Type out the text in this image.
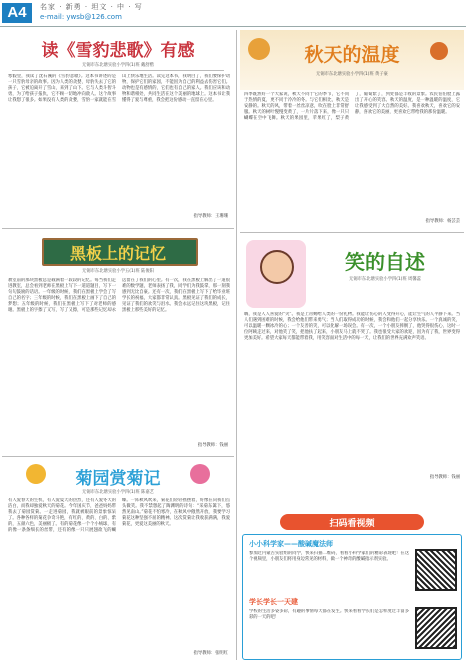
A4	名家 · 新勇 · 坦文 · 中 · 写
e-mail: ywsb@126.com
读《雪豹悲歌》有感
无锡市东北塘实验小学四(1)班 戴舒楷
寒假里，我读了沈石溪的《雪豹悲歌》。这本书讲述的是一只雪豹母亲的故事。因为人类的贪婪，母豹失去了它的孩子，它被迫离开了雪山，来到了山下。它与人类斗智斗勇，为了给孩子报仇，它不顾一切地冲向敌人。这个故事让我想了很多。如果没有人类的贪婪，雪豹一家就能在雪山上快乐地生活。读完这本书，我明白了，我们要保护动物，保护它们的家园，不能因为自己的利益去伤害它们。动物也是有感情的，它们也有自己的家人。我们应该和动物和谐相处，共同生活在这个美丽的地球上。这本书让我懂得了爱与尊重，我会把这份感动一直留在心里。
指导教师：王珊珊
秋天的温度
无锡市东北塘实验小学四(1)班 黄子豪
四季既然好一个大家说，秋天不同于它的季节，它不同于热情的夏，更不同于冷冷的冬。与它们相比，秋天是安静的。秋天的风，带着一丝丝凉意，吹在脸上非常舒服。秋天的树叶慢慢变黄了，一片片落下来，像一只只蝴蝶在空中飞舞。秋天的果园里，苹果红了，梨子黄了，葡萄紫了，到处都是丰收的景象。农民伯伯脸上露出了开心的笑容。秋天的温度，是一种温暖的温度，它让我感受到了大自然的美好。我喜欢秋天，喜欢它的安静，喜欢它的美丽，更喜欢它带给我的那份温暖。
指导教师：杨芸芸
黑板上的记忆
无锡市东北塘实验小学五(1)班 陆俊阳
教室前的那块黑板总是载满着一段段的记忆。每当我们走进教室，总会看到老师在黑板上写下一道道题目，写下一句句鼓励的话语。一年级的时候，我们在黑板上学会了写自己的名字；三年级的时候，我们在黑板上画下了自己的梦想；五年级的时候，我们在黑板上写下了对老师的感谢。黑板上的字擦了又写，写了又擦，可是那些记忆却永远留在了我们的心里。有一次，我在黑板上解出了一道很难的数学题，老师表扬了我，同学们为我鼓掌，那一刻我感到无比自豪。还有一次，我们在黑板上写下了给毕业班学长的祝福，大家都非常认真。黑板见证了我们的成长，见证了我们的欢笑与泪水。我会永远记住这块黑板，记住黑板上那些美好的记忆。
指导教师：钱丽
笑的自述
无锡市东北塘实验小学四(1)班 周馨蕊
嗨，我是人人喜爱的“笑”。我是上帝赐给人类的一份礼物。我能让伤心的人变得开心，能让生气的人平静下来。当人们遇到困难的时候，我会给他们带来勇气；当人们取得成功的时候，我会和他们一起分享快乐。一个真诚的笑，可以温暖一颗冰冷的心；一个友善的笑，可以化解一场误会。有一次，一个小朋友摔倒了，他哭得很伤心，这时一位阿姨走过来，对他笑了笑，把他扶了起来，小朋友马上就不哭了。我也很受大家的欢迎，因为有了我，世界变得更加美好。希望大家每天都能带着我，用笑容面对生活中的每一天，让我们的世界充满欢声笑语。
指导教师：钱丽
菊园赏菊记
无锡市东北塘实验小学四(1)班 陈嘉艺
有人爱春天的生机，有人爱夏天的热烈，还有人爱冬天的洁白，而我却独爱秋天的菊花。今年国庆节，爸爸妈妈带我去了菊园赏菊。一走进菊园，我就被眼前的景象惊呆了。各种各样的菊花争奇斗艳，有红的、黄的、白的、紫的，五颜六色，美丽极了。有的菊花像一个个小绒球，有的像一条条细长的丝带，还有的像一只只展翅欲飞的蝴蝶。一阵秋风吹来，菊花们轻轻摇摆着，好像在向我们点头微笑。我不禁想起了陶渊明的诗句：“采菊东篱下，悠然见南山。”菊花不怕寒冷，在秋风中傲然开放，我要学习菊花这种坚强不屈的精神。这次赏菊让我收获满满，我爱菊花，更爱这美丽的秋天。
指导教师：张明红
扫码看视频
小小科学家——酸碱魔法师
参加过内蒙古实验组的同学，快来扫描二维码，看看小科学家们的精彩表现吧！在这个视频里，小朋友们将用身边常见的材料，做一个神奇的酸碱指示剂实验。
学长学长一天建
学校的生活多姿多彩，有趣的事情每天都在发生。快来看看学长们是怎样度过丰富多彩的一天的吧！
